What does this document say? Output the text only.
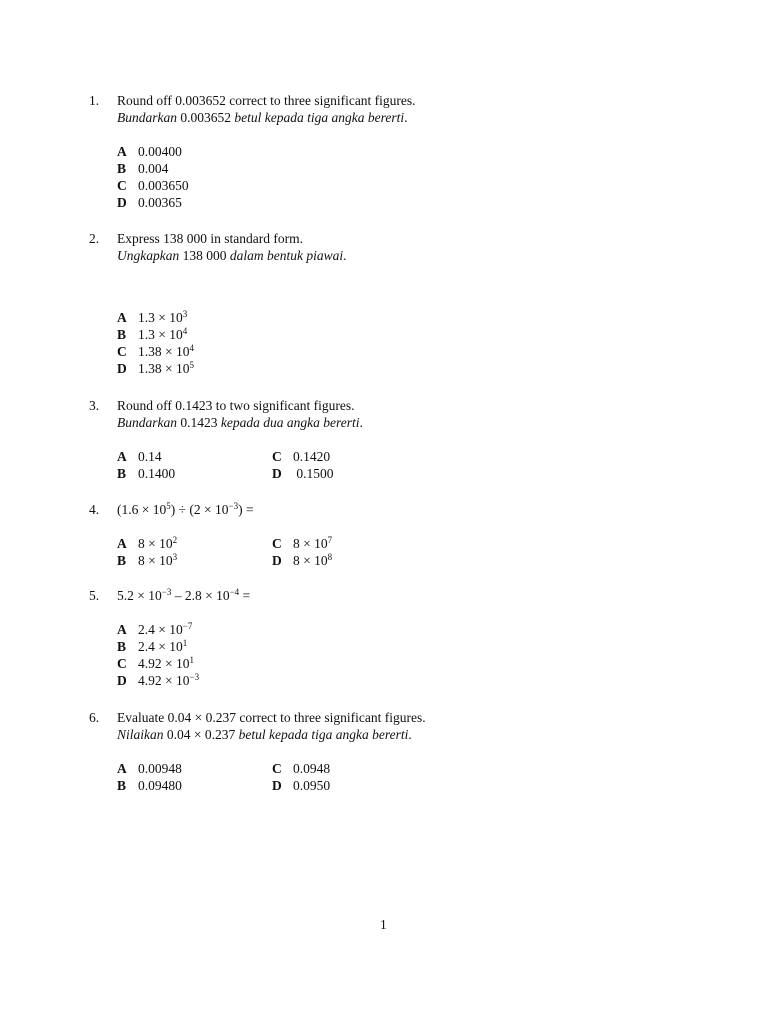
1. Round off 0.003652 correct to three significant figures.
Bundarkan 0.003652 betul kepada tiga angka bererti.
A 0.00400
B 0.004
C 0.003650
D 0.00365
2. Express 138 000 in standard form.
Ungkapkan 138 000 dalam bentuk piawai.
A $1.3 \times 10^3$
B $1.3 \times 10^4$
C $1.38 \times 10^4$
D $1.38 \times 10^5$
3. Round off 0.1423 to two significant figures.
Bundarkan 0.1423 kepada dua angka bererti.
A 0.14	C 0.1420
B 0.1400	D 0.1500
4. $(1.6 \times 10^5) \div (2 \times 10^{-3})$ =
A $8 \times 10^2$	C $8 \times 10^7$
B $8 \times 10^3$	D $8 \times 10^8$
5. $5.2 \times 10^{-3} - 2.8 \times 10^{-4}$ =
A $2.4 \times 10^{-7}$
B $2.4 \times 10^1$
C $4.92 \times 10^1$
D $4.92 \times 10^{-3}$
6. Evaluate 0.04 × 0.237 correct to three significant figures.
Nilaikan 0.04 × 0.237 betul kepada tiga angka bererti.
A 0.00948	C 0.0948
B 0.09480	D 0.0950
1
